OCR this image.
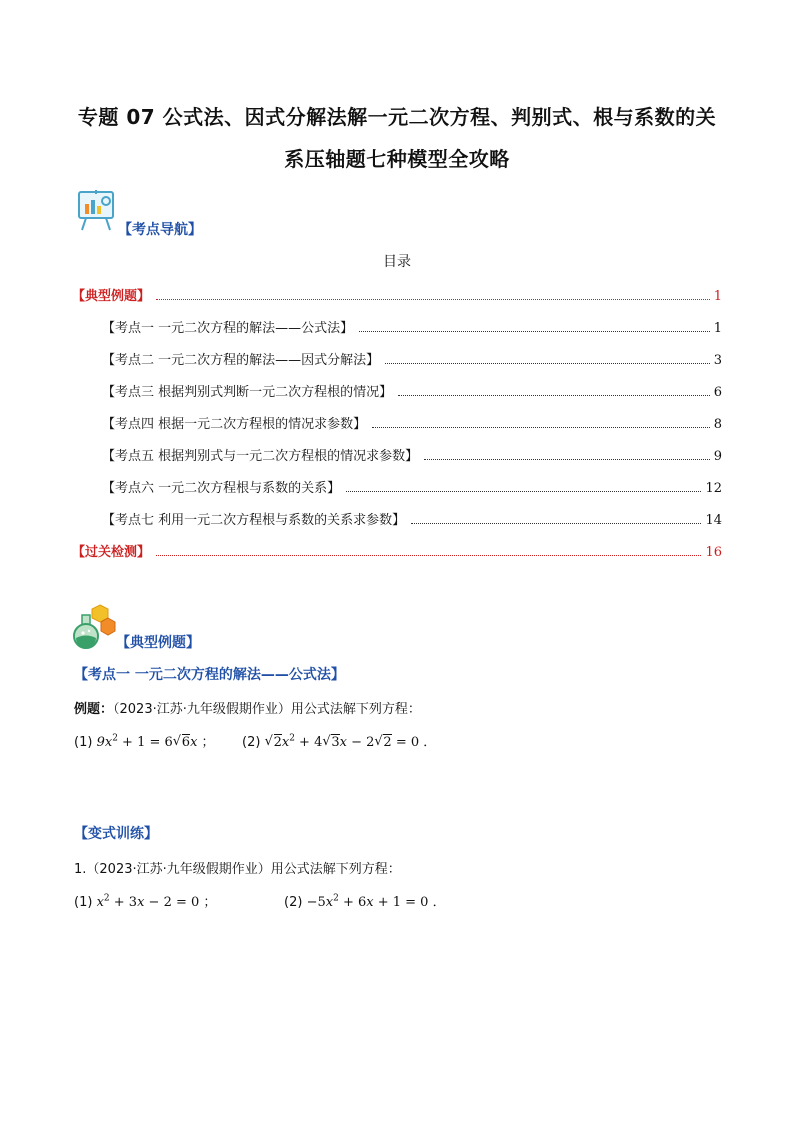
专题 07 公式法、因式分解法解一元二次方程、判别式、根与系数的关
系压轴题七种模型全攻略
【考点导航】
目录
【典型例题】	1
【考点一 一元二次方程的解法——公式法】	1
【考点二 一元二次方程的解法——因式分解法】	3
【考点三 根据判别式判断一元二次方程根的情况】	6
【考点四 根据一元二次方程根的情况求参数】	8
【考点五 根据判别式与一元二次方程根的情况求参数】	9
【考点六 一元二次方程根与系数的关系】	12
【考点七 利用一元二次方程根与系数的关系求参数】	14
【过关检测】	16
【典型例题】
【考点一 一元二次方程的解法——公式法】
例题：（2023·江苏·九年级假期作业）用公式法解下列方程：
(1) $9x^2 + 1 = 6$ √ 6x ； (2) √ $2x^2 + 4$ √ 3x − 2 √ 2 = 0 ．
【变式训练】
1.（2023·江苏·九年级假期作业）用公式法解下列方程：
(1) $x^2 + 3x - 2 = 0$ ；	$(2) -5x^2 + 6x + 1 = 0$ ．
